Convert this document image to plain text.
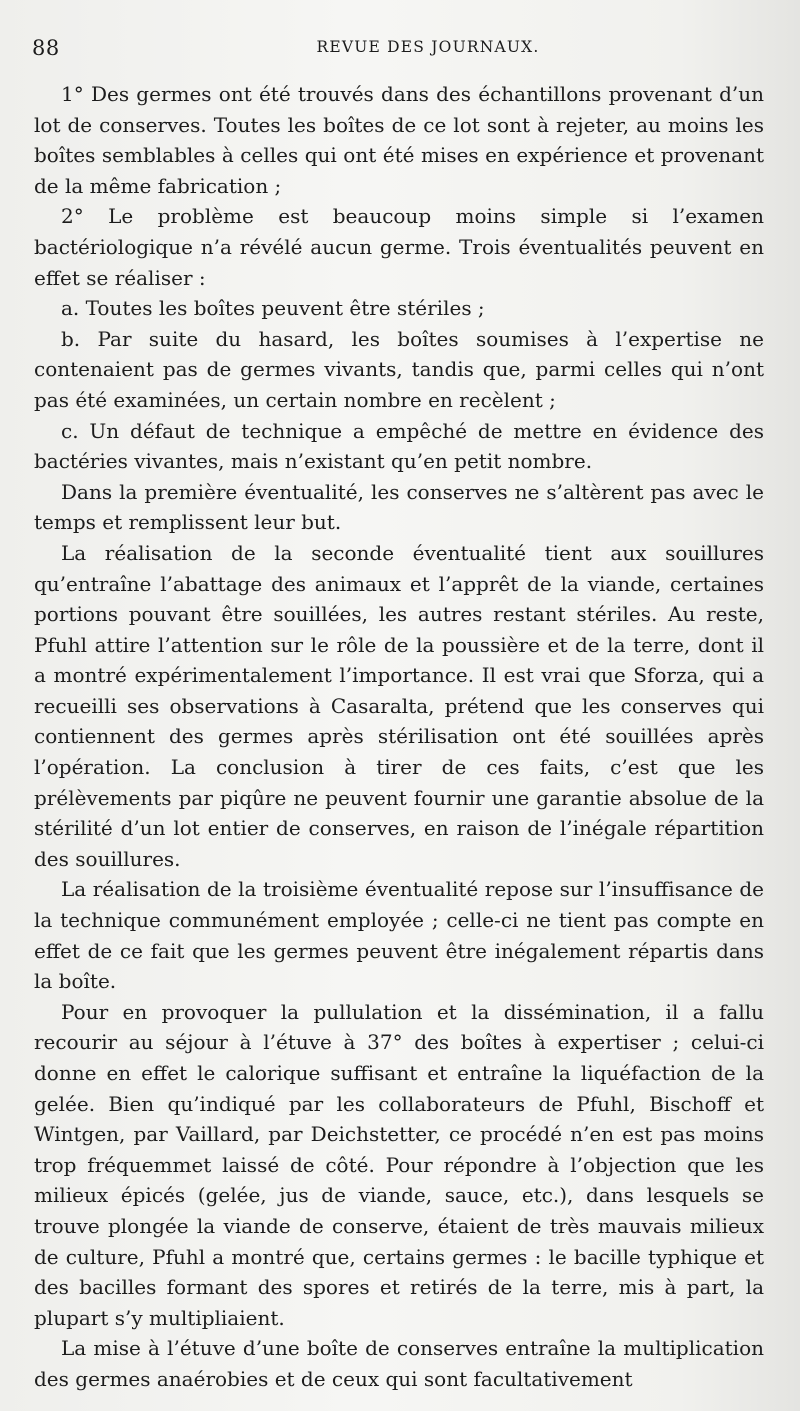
88	REVUE DES JOURNAUX.

1° Des germes ont été trouvés dans des échantillons provenant d’un lot de conserves. Toutes les boîtes de ce lot sont à rejeter, au moins les boîtes semblables à celles qui ont été mises en expérience et provenant de la même fabrication ;

2° Le problème est beaucoup moins simple si l’examen bactériologique n’a révélé aucun germe. Trois éventualités peuvent en effet se réaliser :

a. Toutes les boîtes peuvent être stériles ;

b. Par suite du hasard, les boîtes soumises à l’expertise ne contenaient pas de germes vivants, tandis que, parmi celles qui n’ont pas été examinées, un certain nombre en recèlent ;

c. Un défaut de technique a empêché de mettre en évidence des bactéries vivantes, mais n’existant qu’en petit nombre.

Dans la première éventualité, les conserves ne s’altèrent pas avec le temps et remplissent leur but.

La réalisation de la seconde éventualité tient aux souillures qu’entraîne l’abattage des animaux et l’apprêt de la viande, certaines portions pouvant être souillées, les autres restant stériles. Au reste, Pfuhl attire l’attention sur le rôle de la poussière et de la terre, dont il a montré expérimentalement l’importance. Il est vrai que Sforza, qui a recueilli ses observations à Casaralta, prétend que les conserves qui contiennent des germes après stérilisation ont été souillées après l’opération. La conclusion à tirer de ces faits, c’est que les prélèvements par piqûre ne peuvent fournir une garantie absolue de la stérilité d’un lot entier de conserves, en raison de l’inégale répartition des souillures.

La réalisation de la troisième éventualité repose sur l’insuffisance de la technique communément employée ; celle-ci ne tient pas compte en effet de ce fait que les germes peuvent être inégalement répartis dans la boîte.

Pour en provoquer la pullulation et la dissémination, il a fallu recourir au séjour à l’étuve à 37° des boîtes à expertiser ; celui-ci donne en effet le calorique suffisant et entraîne la liquéfaction de la gelée. Bien qu’indiqué par les collaborateurs de Pfuhl, Bischoff et Wintgen, par Vaillard, par Deichstetter, ce procédé n’en est pas moins trop fréquemmet laissé de côté. Pour répondre à l’objection que les milieux épicés (gelée, jus de viande, sauce, etc.), dans lesquels se trouve plongée la viande de conserve, étaient de très mauvais milieux de culture, Pfuhl a montré que, certains germes : le bacille typhique et des bacilles formant des spores et retirés de la terre, mis à part, la plupart s’y multipliaient.

La mise à l’étuve d’une boîte de conserves entraîne la multiplication des germes anaérobies et de ceux qui sont facultativement
